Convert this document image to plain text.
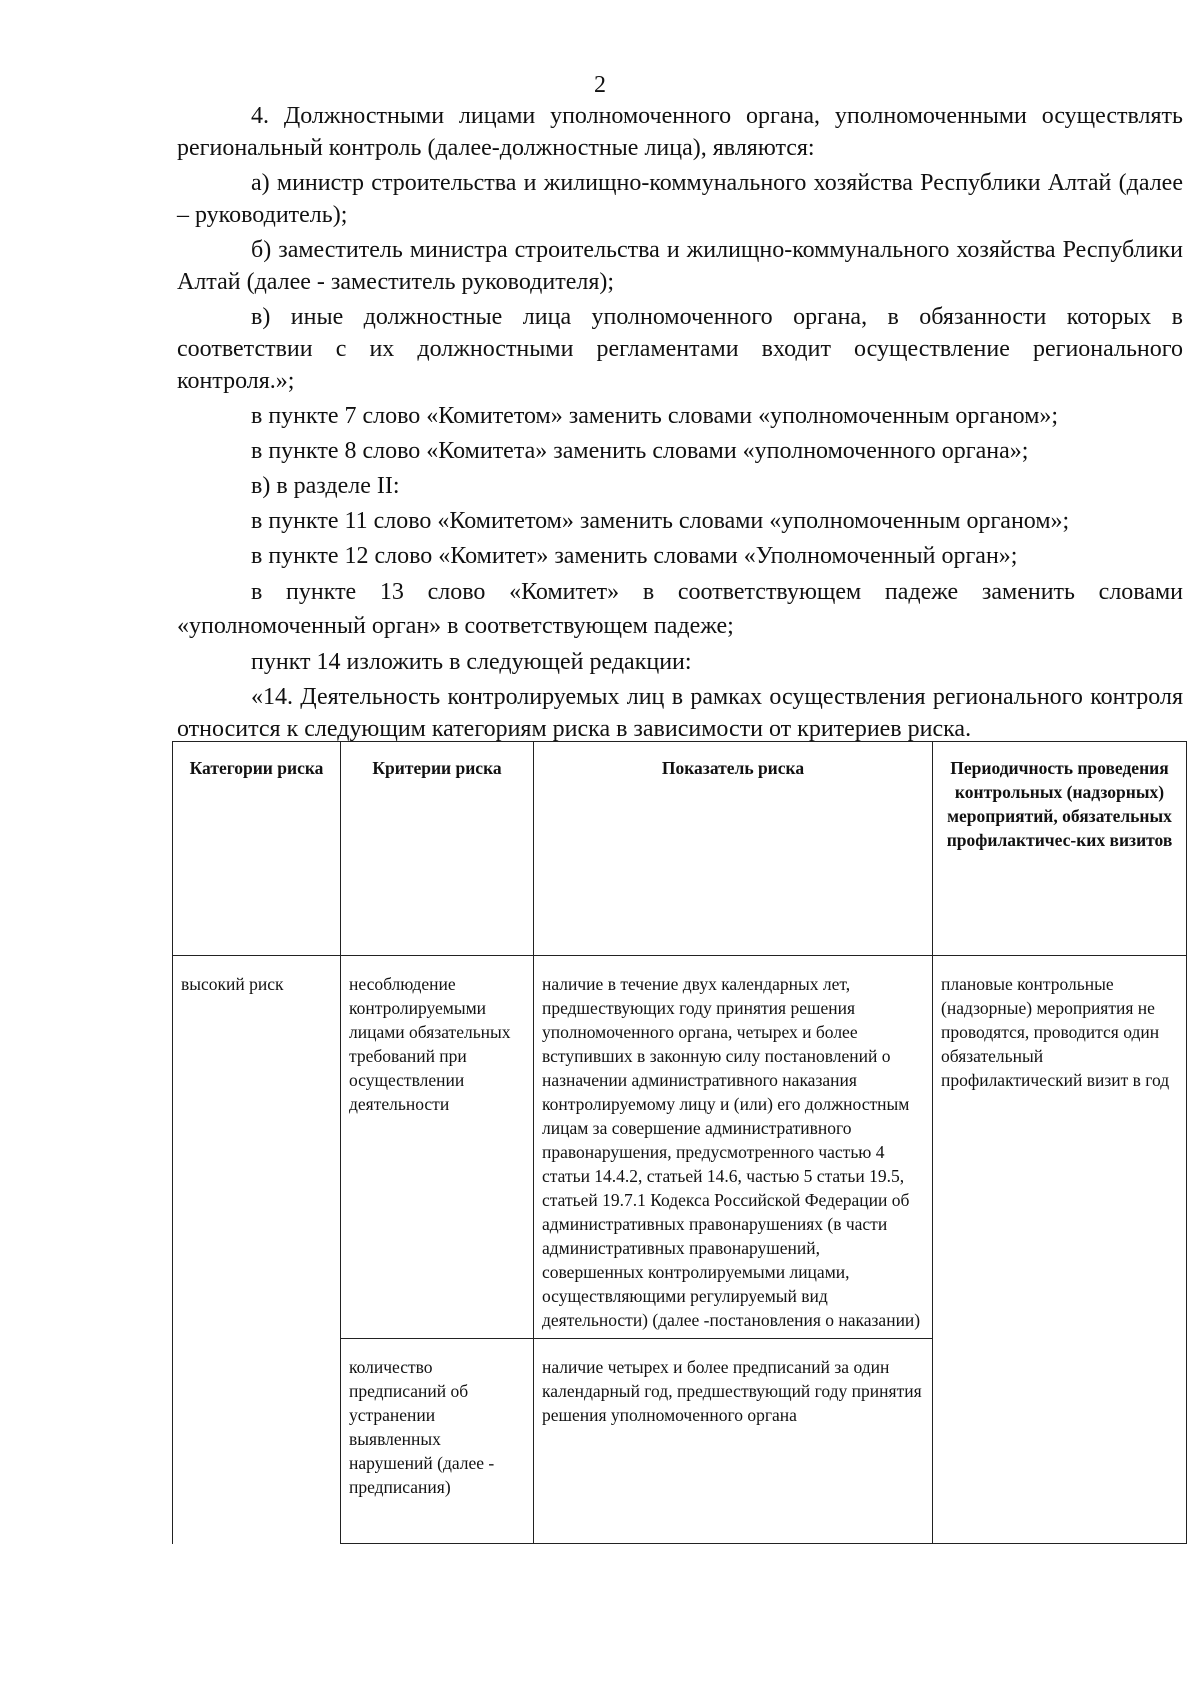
2

4. Должностными лицами уполномоченного органа, уполномоченными осуществлять региональный контроль (далее-должностные лица), являются:

а) министр строительства и жилищно-коммунального хозяйства Республики Алтай (далее – руководитель);

б) заместитель министра строительства и жилищно-коммунального хозяйства Республики Алтай (далее - заместитель руководителя);

в) иные должностные лица уполномоченного органа, в обязанности которых в соответствии с их должностными регламентами входит осуществление регионального контроля.»;

в пункте 7 слово «Комитетом» заменить словами «уполномоченным органом»;

в пункте 8 слово «Комитета» заменить словами «уполномоченного органа»;

в) в разделе II:

в пункте 11 слово «Комитетом» заменить словами «уполномоченным органом»;

в пункте 12 слово «Комитет» заменить словами «Уполномоченный орган»;

в пункте 13 слово «Комитет» в соответствующем падеже заменить словами «уполномоченный орган» в соответствующем падеже;

пункт 14 изложить в следующей редакции:

«14. Деятельность контролируемых лиц в рамках осуществления регионального контроля относится к следующим категориям риска в зависимости от критериев риска.

Категории риска	Критерии риска	Показатель риска	Периодичность проведения контрольных (надзорных) мероприятий, обязательных профилактичес-ких визитов
высокий риск	несоблюдение контролируемыми лицами обязательных требований при осуществлении деятельности	наличие в течение двух календарных лет, предшествующих году принятия решения уполномоченного органа, четырех и более вступивших в законную силу постановлений о назначении административного наказания контролируемому лицу и (или) его должностным лицам за совершение административного правонарушения, предусмотренного частью 4 статьи 14.4.2, статьей 14.6, частью 5 статьи 19.5, статьей 19.7.1 Кодекса Российской Федерации об административных правонарушениях (в части административных правонарушений, совершенных контролируемыми лицами, осуществляющими регулируемый вид деятельности) (далее -постановления о наказании)	плановые контрольные (надзорные) мероприятия не проводятся, проводится один обязательный профилактический визит в год
	количество предписаний об устранении выявленных нарушений (далее - предписания)	наличие четырех и более предписаний за один календарный год, предшествующий году принятия решения уполномоченного органа	
